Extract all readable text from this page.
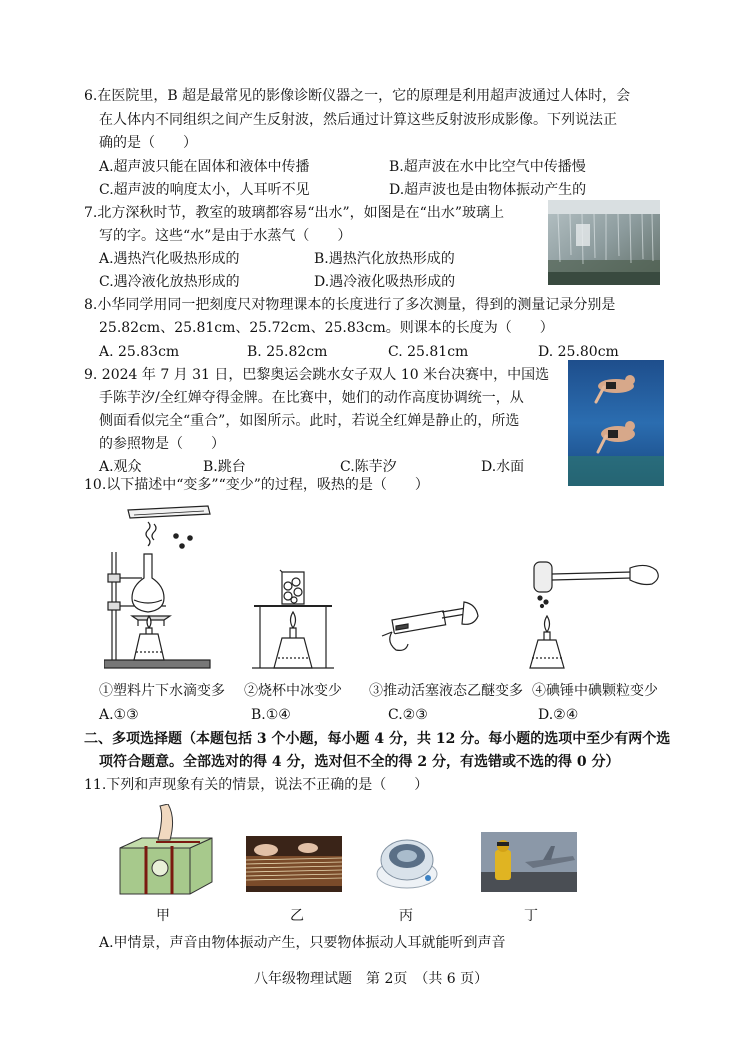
6.在医院里，B 超是最常见的影像诊断仪器之一，它的原理是利用超声波通过人体时，会
在人体内不同组织之间产生反射波，然后通过计算这些反射波形成影像。下列说法正
确的是（　　）
A.超声波只能在固体和液体中传播	B.超声波在水中比空气中传播慢
C.超声波的响度太小，人耳听不见	D.超声波也是由物体振动产生的
7.北方深秋时节，教室的玻璃都容易“出水”，如图是在“出水”玻璃上
写的字。这些“水”是由于水蒸气（　　）
A.遇热汽化吸热形成的	B.遇热汽化放热形成的
C.遇冷液化放热形成的	D.遇冷液化吸热形成的
8.小华同学用同一把刻度尺对物理课本的长度进行了多次测量，得到的测量记录分别是
25.82cm、25.81cm、25.72cm、25.83cm。则课本的长度为（　　）
A. 25.83cm	B. 25.82cm	C. 25.81cm	D. 25.80cm
9. 2024 年 7 月 31 日，巴黎奥运会跳水女子双人 10 米台决赛中，中国选
手陈芋汐/全红婵夺得金牌。在比赛中，她们的动作高度协调统一，从
侧面看似完全“重合”，如图所示。此时，若说全红婵是静止的，所选
的参照物是（　　）
A.观众	B.跳台	C.陈芋汐	D.水面
10.以下描述中“变多”“变少”的过程，吸热的是（　　）
①塑料片下水滴变多 ②烧杯中冰变少 ③推动活塞液态乙醚变多 ④碘锤中碘颗粒变少
A.①③	B.①④	C.②③	D.②④
二、多项选择题（本题包括 3 个小题，每小题 4 分，共 12 分。每小题的选项中至少有两个选
项符合题意。全部选对的得 4 分，选对但不全的得 2 分，有选错或不选的得 0 分）
11.下列和声现象有关的情景，说法不正确的是（　　）
甲	乙	丙	丁
A.甲情景，声音由物体振动产生，只要物体振动人耳就能听到声音
八年级物理试题　第 2页　（共 6 页）
